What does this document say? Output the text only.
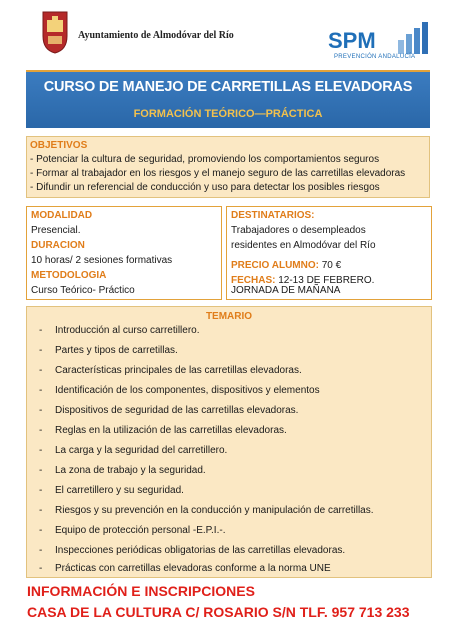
Ayuntamiento de Almodóvar del Río	SPM
PREVENCIÓN ANDALUCÍA
CURSO DE MANEJO DE CARRETILLAS ELEVADORAS
FORMACIÓN TEÓRICO—PRÁCTICA
OBJETIVOS
- Potenciar la cultura de seguridad, promoviendo los comportamientos seguros
- Formar al trabajador en los riesgos y el manejo seguro de las carretillas elevadoras
- Difundir un referencial de conducción y uso para detectar los posibles riesgos
MODALIDAD
Presencial.
DURACION
10 horas/ 2 sesiones formativas
METODOLOGIA
Curso Teórico- Práctico
DESTINATARIOS:
Trabajadores o desempleados
residentes en Almodóvar del Río
PRECIO ALUMNO: 70 €
FECHAS: 12-13 DE FEBRERO.
JORNADA DE MAÑANA
TEMARIO
- Introducción al curso carretillero.
- Partes y tipos de carretillas.
- Características principales de las carretillas elevadoras.
- Identificación de los componentes, dispositivos y elementos
- Dispositivos de seguridad de las carretillas elevadoras.
- Reglas en la utilización de las carretillas elevadoras.
- La carga y la seguridad del carretillero.
- La zona de trabajo y la seguridad.
- El carretillero y su seguridad.
- Riesgos y su prevención en la conducción y manipulación de carretillas.
- Equipo de protección personal -E.P.I.-.
- Inspecciones periódicas obligatorias de las carretillas elevadoras.
- Prácticas con carretillas elevadoras conforme a la norma UNE
INFORMACIÓN E INSCRIPCIONES
CASA DE LA CULTURA C/ ROSARIO S/N TLF. 957 713 233
